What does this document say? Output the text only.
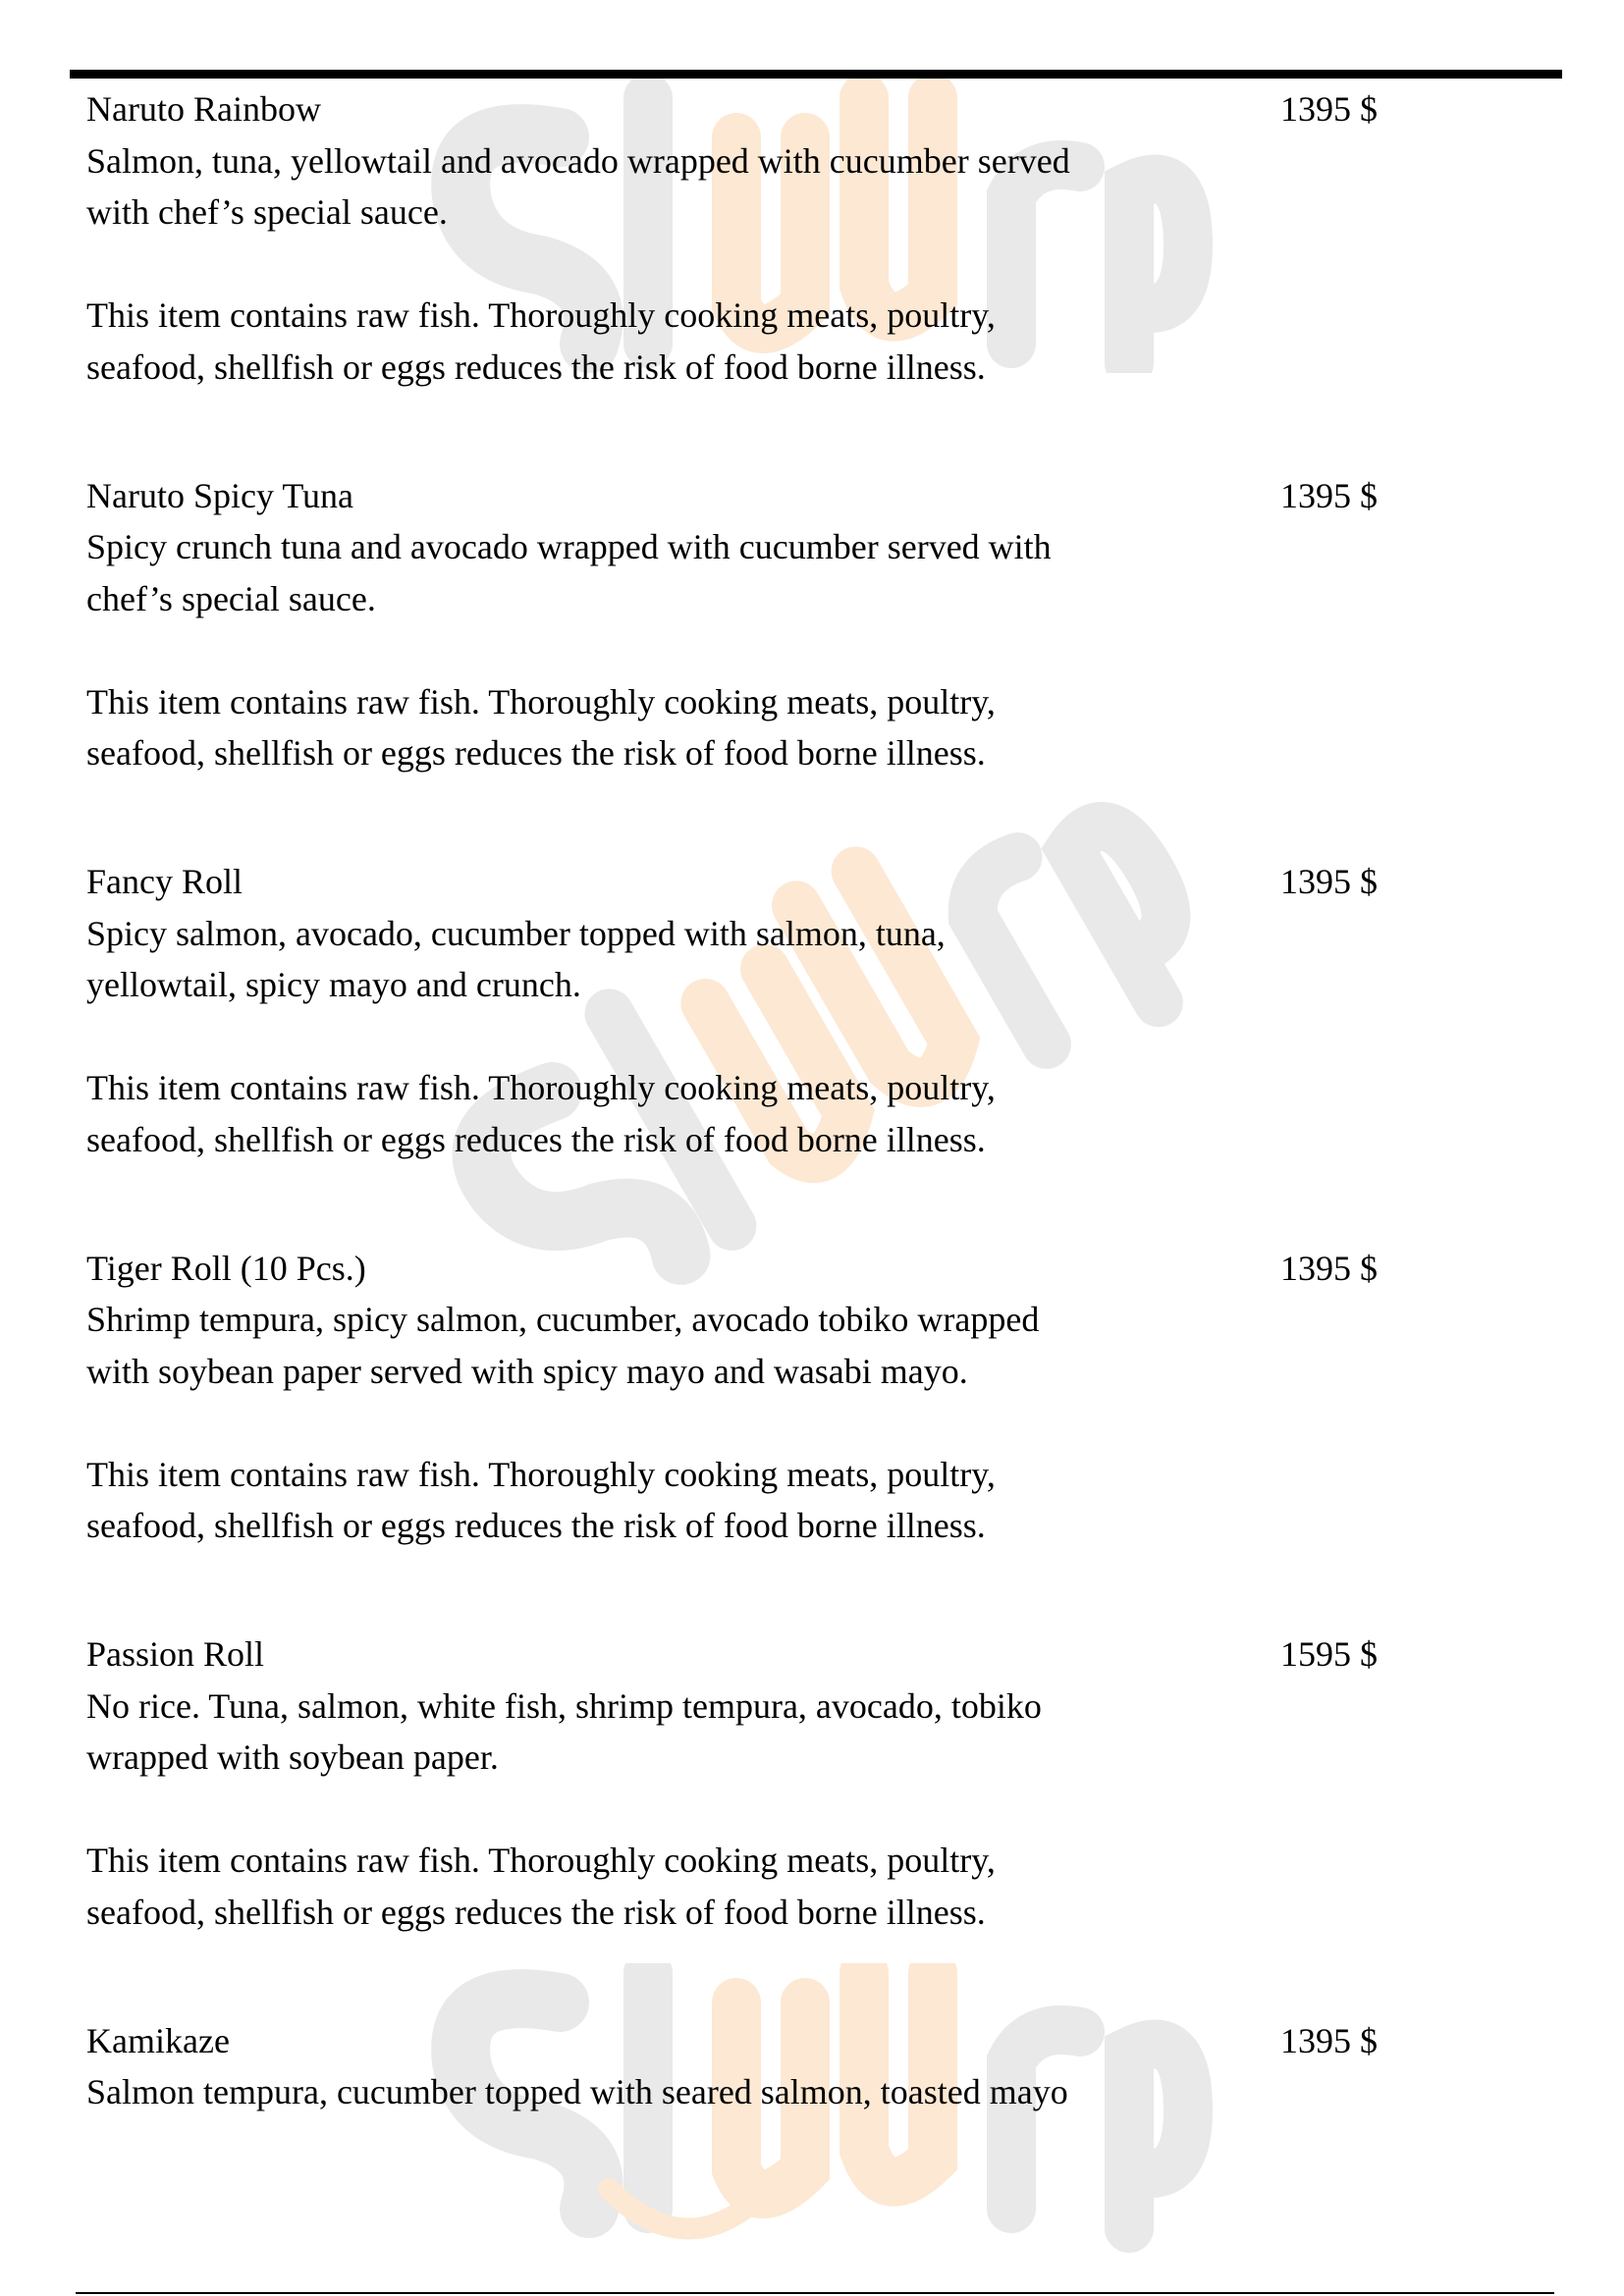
Naruto Rainbow
Salmon, tuna, yellowtail and avocado wrapped with cucumber served
with chef’s special sauce.
This item contains raw fish. Thoroughly cooking meats, poultry,
seafood, shellfish or eggs reduces the risk of food borne illness.
1395 $
Naruto Spicy Tuna
Spicy crunch tuna and avocado wrapped with cucumber served with
chef’s special sauce.
This item contains raw fish. Thoroughly cooking meats, poultry,
seafood, shellfish or eggs reduces the risk of food borne illness.
1395 $
Fancy Roll
Spicy salmon, avocado, cucumber topped with salmon, tuna,
yellowtail, spicy mayo and crunch.
This item contains raw fish. Thoroughly cooking meats, poultry,
seafood, shellfish or eggs reduces the risk of food borne illness.
1395 $
Tiger Roll (10 Pcs.)
Shrimp tempura, spicy salmon, cucumber, avocado tobiko wrapped
with soybean paper served with spicy mayo and wasabi mayo.
This item contains raw fish. Thoroughly cooking meats, poultry,
seafood, shellfish or eggs reduces the risk of food borne illness.
1395 $
Passion Roll
No rice. Tuna, salmon, white fish, shrimp tempura, avocado, tobiko
wrapped with soybean paper.
This item contains raw fish. Thoroughly cooking meats, poultry,
seafood, shellfish or eggs reduces the risk of food borne illness.
1595 $
Kamikaze
Salmon tempura, cucumber topped with seared salmon, toasted mayo
1395 $
